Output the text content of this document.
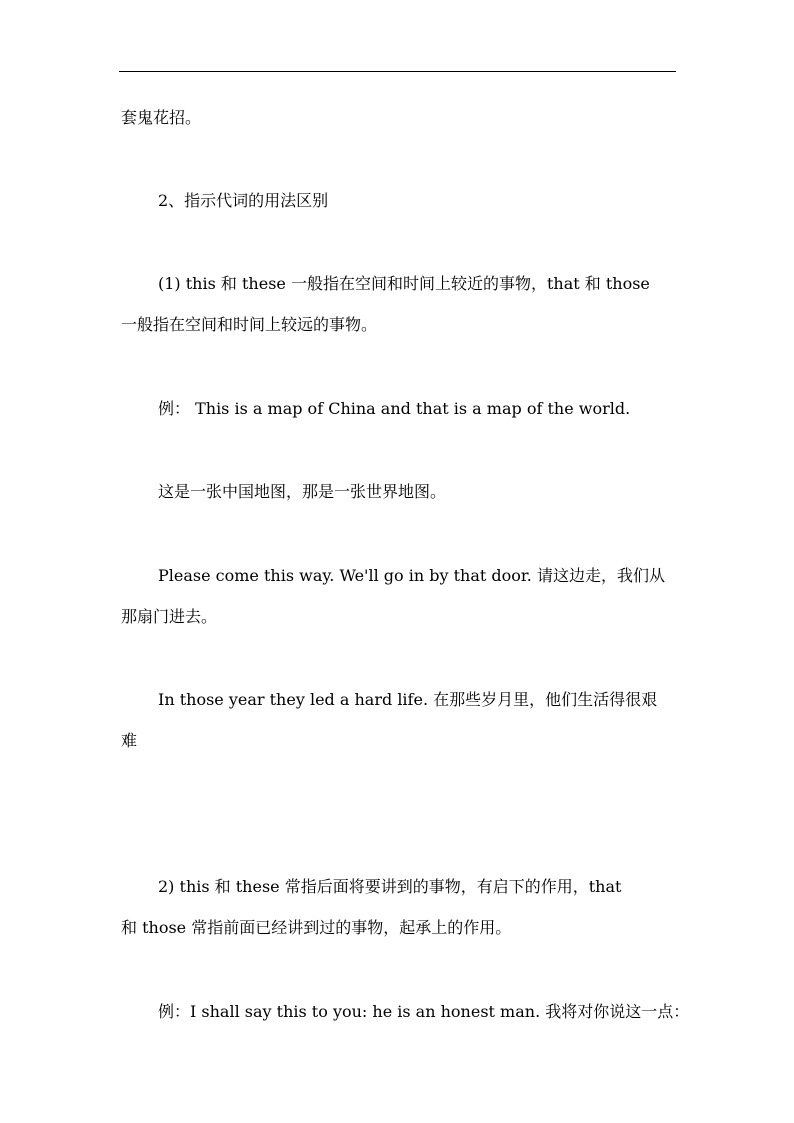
套鬼花招。
2、指示代词的用法区别
(1) this 和 these 一般指在空间和时间上较近的事物，that 和 those
一般指在空间和时间上较远的事物。
例： This is a map of China and that is a map of the world.
这是一张中国地图，那是一张世界地图。
Please come this way. We'll go in by that door. 请这边走，我们从
那扇门进去。
In those year they led a hard life. 在那些岁月里，他们生活得很艰
难
2) this 和 these 常指后面将要讲到的事物，有启下的作用，that
和 those 常指前面已经讲到过的事物，起承上的作用。
例：I shall say this to you: he is an honest man. 我将对你说这一点：
